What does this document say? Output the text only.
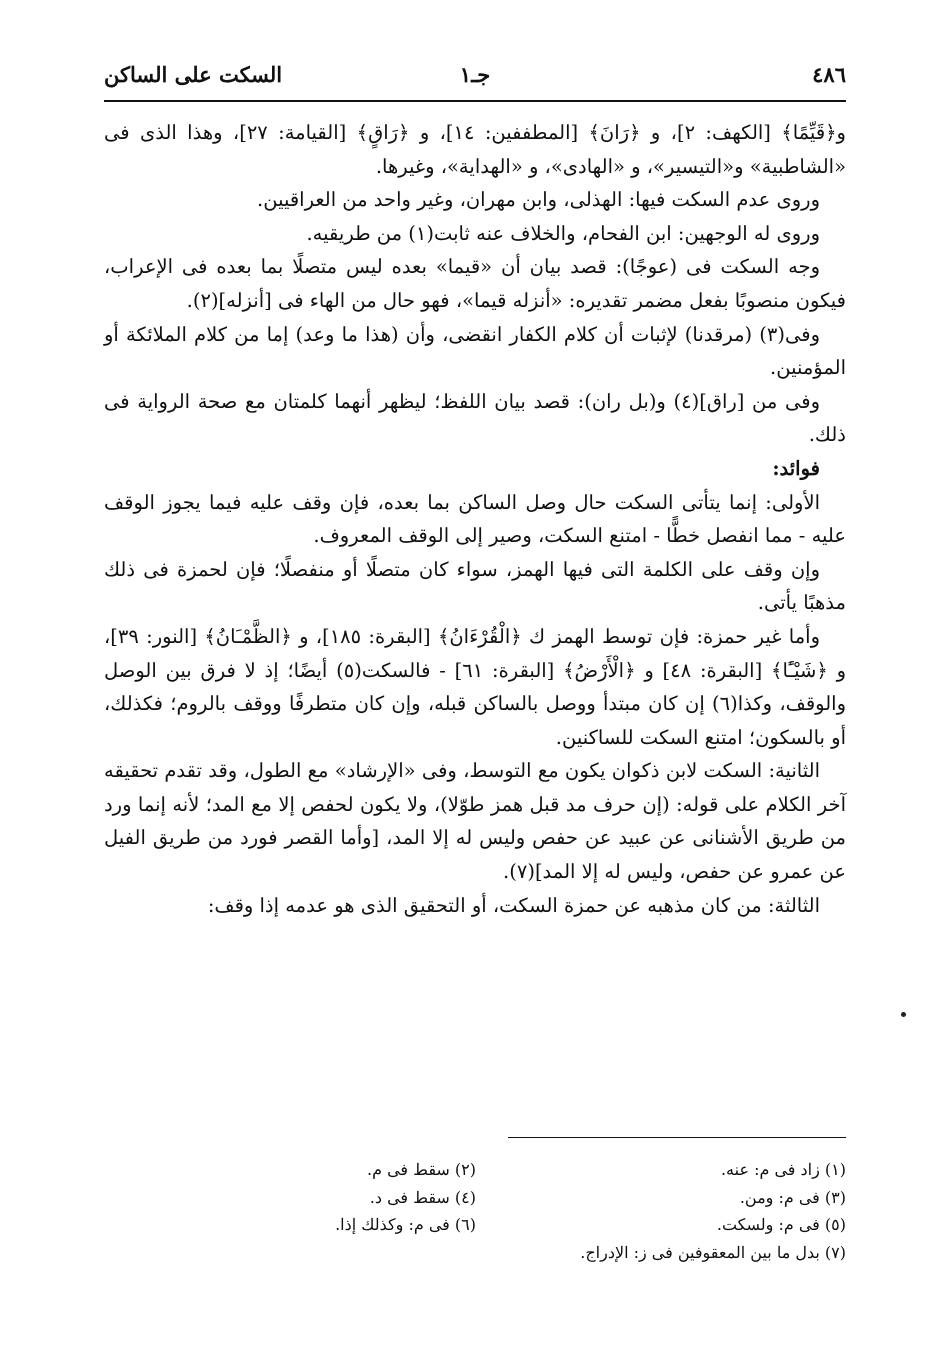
٤٨٦
جـ١
السكت على الساكن

و﴿قَيِّمًا﴾ [الكهف: ٢]، و ﴿رَانَ﴾ [المطففين: ١٤]، و ﴿رَاقٍ﴾ [القيامة: ٢٧]، وهذا الذى فى «الشاطبية» و«التيسير»، و «الهادى»، و «الهداية»، وغيرها.

وروى عدم السكت فيها: الهذلى، وابن مهران، وغير واحد من العراقيين.

وروى له الوجهين: ابن الفحام، والخلاف عنه ثابت(١) من طريقيه.

وجه السكت فى (عوجًا): قصد بيان أن «قيما» بعده ليس متصلًا بما بعده فى الإعراب، فيكون منصوبًا بفعل مضمر تقديره: «أنزله قيما»، فهو حال من الهاء فى [أنزله](٢).

وفى(٣) (مرقدنا) لإثبات أن كلام الكفار انقضى، وأن (هذا ما وعد) إما من كلام الملائكة أو المؤمنين.

وفى من [راق](٤) و(بل ران): قصد بيان اللفظ؛ ليظهر أنهما كلمتان مع صحة الرواية فى ذلك.

فوائد:

الأولى: إنما يتأتى السكت حال وصل الساكن بما بعده، فإن وقف عليه فيما يجوز الوقف عليه - مما انفصل خطًّا - امتنع السكت، وصير إلى الوقف المعروف.

وإن وقف على الكلمة التى فيها الهمز، سواء كان متصلًا أو منفصلًا؛ فإن لحمزة فى ذلك مذهبًا يأتى.

وأما غير حمزة: فإن توسط الهمز ك ﴿الْقُرْءَانُ﴾ [البقرة: ١٨٥]، و ﴿الظَّمْـَانُ﴾ [النور: ٣٩]، و ﴿شَيْـًٔا﴾ [البقرة: ٤٨] و ﴿الْأَرْضُ﴾ [البقرة: ٦١] - فالسكت(٥) أيضًا؛ إذ لا فرق بين الوصل والوقف، وكذا(٦) إن كان مبتدأ ووصل بالساكن قبله، وإن كان متطرفًا ووقف بالروم؛ فكذلك، أو بالسكون؛ امتنع السكت للساكنين.

الثانية: السكت لابن ذكوان يكون مع التوسط، وفى «الإرشاد» مع الطول، وقد تقدم تحقيقه آخر الكلام على قوله: (إن حرف مد قبل همز طوّلا)، ولا يكون لحفص إلا مع المد؛ لأنه إنما ورد من طريق الأشنانى عن عبيد عن حفص وليس له إلا المد، [وأما القصر فورد من طريق الفيل عن عمرو عن حفص، وليس له إلا المد](٧).

الثالثة: من كان مذهبه عن حمزة السكت، أو التحقيق الذى هو عدمه إذا وقف:

(١) زاد فى م: عنه.
(٢) سقط فى م.
(٣) فى م: ومن.
(٤) سقط فى د.
(٥) فى م: ولسكت.
(٦) فى م: وكذلك إذا.
(٧) بدل ما بين المعقوفين فى ز: الإدراج.
